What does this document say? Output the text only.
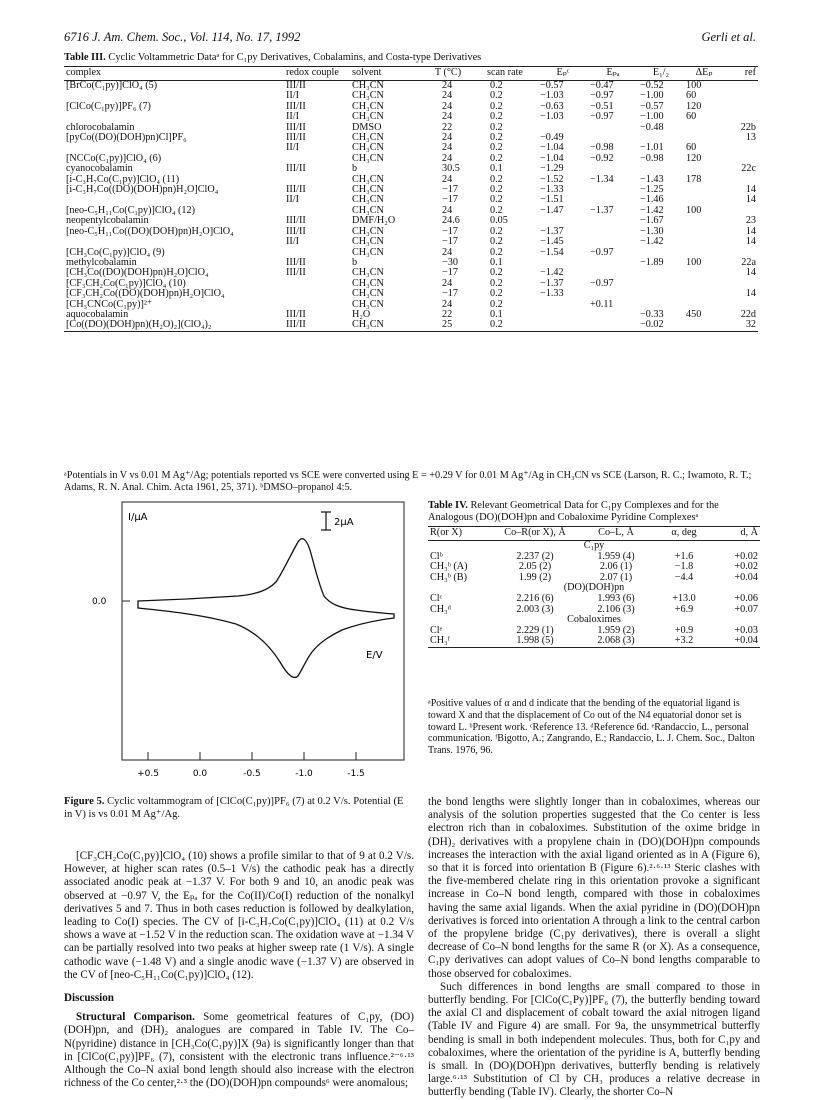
6716 J. Am. Chem. Soc., Vol. 114, No. 17, 1992	Gerli et al.
Table III. Cyclic Voltammetric Dataᵃ for C₁py Derivatives, Cobalamins, and Costa-type Derivatives
complex	redox couple	solvent	T (°C)	scan rate	Eₚᶜ	Eₚₐ	E₁/₂	ΔEₚ	ref
[BrCo(C₁py)]ClO₄ (5)	III/II	CH₃CN	24	0.2	−0.57	−0.47	−0.52	100	
	II/I	CH₃CN	24	0.2	−1.03	−0.97	−1.00	60	
[ClCo(C₁py)]PF₆ (7)	III/II	CH₃CN	24	0.2	−0.63	−0.51	−0.57	120	
	II/I	CH₃CN	24	0.2	−1.03	−0.97	−1.00	60	
chlorocobalamin	III/II	DMSO	22	0.2			−0.48		22b
[pyCo((DO)(DOH)pn)Cl]PF₆	III/II	CH₃CN	24	0.2	−0.49				13
	II/I	CH₃CN	24	0.2	−1.04	−0.98	−1.01	60	
[NCCo(C₁py)]ClO₄ (6)		CH₃CN	24	0.2	−1.04	−0.92	−0.98	120	
cyanocobalamin	III/II	b	30.5	0.1	−1.29				22c
[i-C₃H₇Co(C₁py)]ClO₄ (11)		CH₃CN	24	0.2	−1.52	−1.34	−1.43	178	
[i-C₃H₇Co((DO)(DOH)pn)H₂O]ClO₄	III/II	CH₃CN	−17	0.2	−1.33		−1.25		14
	II/I	CH₃CN	−17	0.2	−1.51		−1.46		14
[neo-C₅H₁₁Co(C₁py)]ClO₄ (12)		CH₃CN	24	0.2	−1.47	−1.37	−1.42	100	
neopentylcobalamin	III/II	DMF/H₂O	24.6	0.05			−1.67		23
[neo-C₅H₁₁Co((DO)(DOH)pn)H₂O]ClO₄	III/II	CH₃CN	−17	0.2	−1.37		−1.30		14
	II/I	CH₃CN	−17	0.2	−1.45		−1.42		14
[CH₃Co(C₁py)]ClO₄ (9)		CH₃CN	24	0.2	−1.54	−0.97			
methylcobalamin	III/II	b	−30	0.1			−1.89	100	22a
[CH₃Co((DO)(DOH)pn)H₂O]ClO₄	III/II	CH₃CN	−17	0.2	−1.42				14
[CF₃CH₂Co(C₁py)]ClO₄ (10)		CH₃CN	24	0.2	−1.37	−0.97			
[CF₃CH₂Co((DO)(DOH)pn)H₂O]ClO₄		CH₃CN	−17	0.2	−1.33				14
[CH₃CNCo(C₁py)]²⁺		CH₃CN	24	0.2		+0.11			
aquocobalamin	III/II	H₂O	22	0.1			−0.33	450	22d
[Co((DO)(DOH)pn)(H₂O)₂](ClO₄)₂	III/II	CH₃CN	25	0.2			−0.02		32
ᵃPotentials in V vs 0.01 M Ag⁺/Ag; potentials reported vs SCE were converted using E = +0.29 V for 0.01 M Ag⁺/Ag in CH₃CN vs SCE (Larson, R. C.; Iwamoto, R. T.; Adams, R. N. Anal. Chim. Acta 1961, 25, 371). ᵇDMSO–propanol 4:5.
I/μA	2μA
0.0
E/V
+0.5	0.0	-0.5	-1.0	-1.5
Figure 5. Cyclic voltammogram of [ClCo(C₁py)]PF₆ (7) at 0.2 V/s. Potential (E in V) is vs 0.01 M Ag⁺/Ag.
Table IV. Relevant Geometrical Data for C₁py Complexes and for the Analogous (DO)(DOH)pn and Cobaloxime Pyridine Complexesᵃ
R(or X)	Co–R(or X), Å	Co–L, Å	α, deg	d, Å
C₁py				
Clᵇ	2.237 (2)	1.959 (4)	+1.6	+0.02
CH₃ᵇ (A)	2.05 (2)	2.06 (1)	−1.8	+0.02
CH₃ᵇ (B)	1.99 (2)	2.07 (1)	−4.4	+0.04
(DO)(DOH)pn				
Clᶜ	2.216 (6)	1.993 (6)	+13.0	+0.06
CH₃ᵈ	2.003 (3)	2.106 (3)	+6.9	+0.07
Cobaloximes				
Clᵉ	2.229 (1)	1.959 (2)	+0.9	+0.03
CH₃ᶠ	1.998 (5)	2.068 (3)	+3.2	+0.04
ᵃPositive values of α and d indicate that the bending of the equatorial ligand is toward X and that the displacement of Co out of the N4 equatorial donor set is toward L. ᵇPresent work. ᶜReference 13. ᵈReference 6d. ᵉRandaccio, L., personal communication. ᶠBigotto, A.; Zangrando, E.; Randaccio, L. J. Chem. Soc., Dalton Trans. 1976, 96.

[CF₃CH₂Co(C₁py)]ClO₄ (10) shows a profile similar to that of 9 at 0.2 V/s. However, at higher scan rates (0.5–1 V/s) the cathodic peak has a directly associated anodic peak at −1.37 V. For both 9 and 10, an anodic peak was observed at −0.97 V, the Eₚₐ for the Co(II)/Co(I) reduction of the nonalkyl derivatives 5 and 7. Thus in both cases reduction is followed by dealkylation, leading to Co(I) species. The CV of [i-C₃H₇Co(C₁py)]ClO₄ (11) at 0.2 V/s shows a wave at −1.52 V in the reduction scan. The oxidation wave at −1.34 V can be partially resolved into two peaks at higher sweep rate (1 V/s). A single cathodic wave (−1.48 V) and a single anodic wave (−1.37 V) are observed in the CV of [neo-C₅H₁₁Co(C₁py)]ClO₄ (12).

Discussion

Structural Comparison. Some geometrical features of C₁py, (DO)(DOH)pn, and (DH)₂ analogues are compared in Table IV. The Co–N(pyridine) distance in [CH₃Co(C₁py)]X (9a) is significantly longer than that in [ClCo(C₁py)]PF₆ (7), consistent with the electronic trans influence.²⁻⁶·¹³ Although the Co–N axial bond length should also increase with the electron richness of the Co center,²·³ the (DO)(DOH)pn compounds⁶ were anomalous;

the bond lengths were slightly longer than in cobaloximes, whereas our analysis of the solution properties suggested that the Co center is less electron rich than in cobaloximes. Substitution of the oxime bridge in (DH)₂ derivatives with a propylene chain in (DO)(DOH)pn compounds increases the interaction with the axial ligand oriented as in A (Figure 6), so that it is forced into orientation B (Figure 6).²·⁶·¹³ Steric clashes with the five-membered chelate ring in this orientation provoke a significant increase in Co–N bond length, compared with those in cobaloximes having the same axial ligands. When the axial pyridine in (DO)(DOH)pn derivatives is forced into orientation A through a link to the central carbon of the propylene bridge (C₁py derivatives), there is overall a slight decrease of Co–N bond lengths for the same R (or X). As a consequence, C₁py derivatives can adopt values of Co–N bond lengths comparable to those observed for cobaloximes.

Such differences in bond lengths are small compared to those in butterfly bending. For [ClCo(C₁Py)]PF₆ (7), the butterfly bending toward the axial Cl and displacement of cobalt toward the axial nitrogen ligand (Table IV and Figure 4) are small. For 9a, the unsymmetrical butterfly bending is small in both independent molecules. Thus, both for C₁py and cobaloximes, where the orientation of the pyridine is A, butterfly bending is small. In (DO)(DOH)pn derivatives, butterfly bending is relatively large.⁶·¹³ Substitution of Cl by CH₃ produces a relative decrease in butterfly bending (Table IV). Clearly, the shorter Co–N
